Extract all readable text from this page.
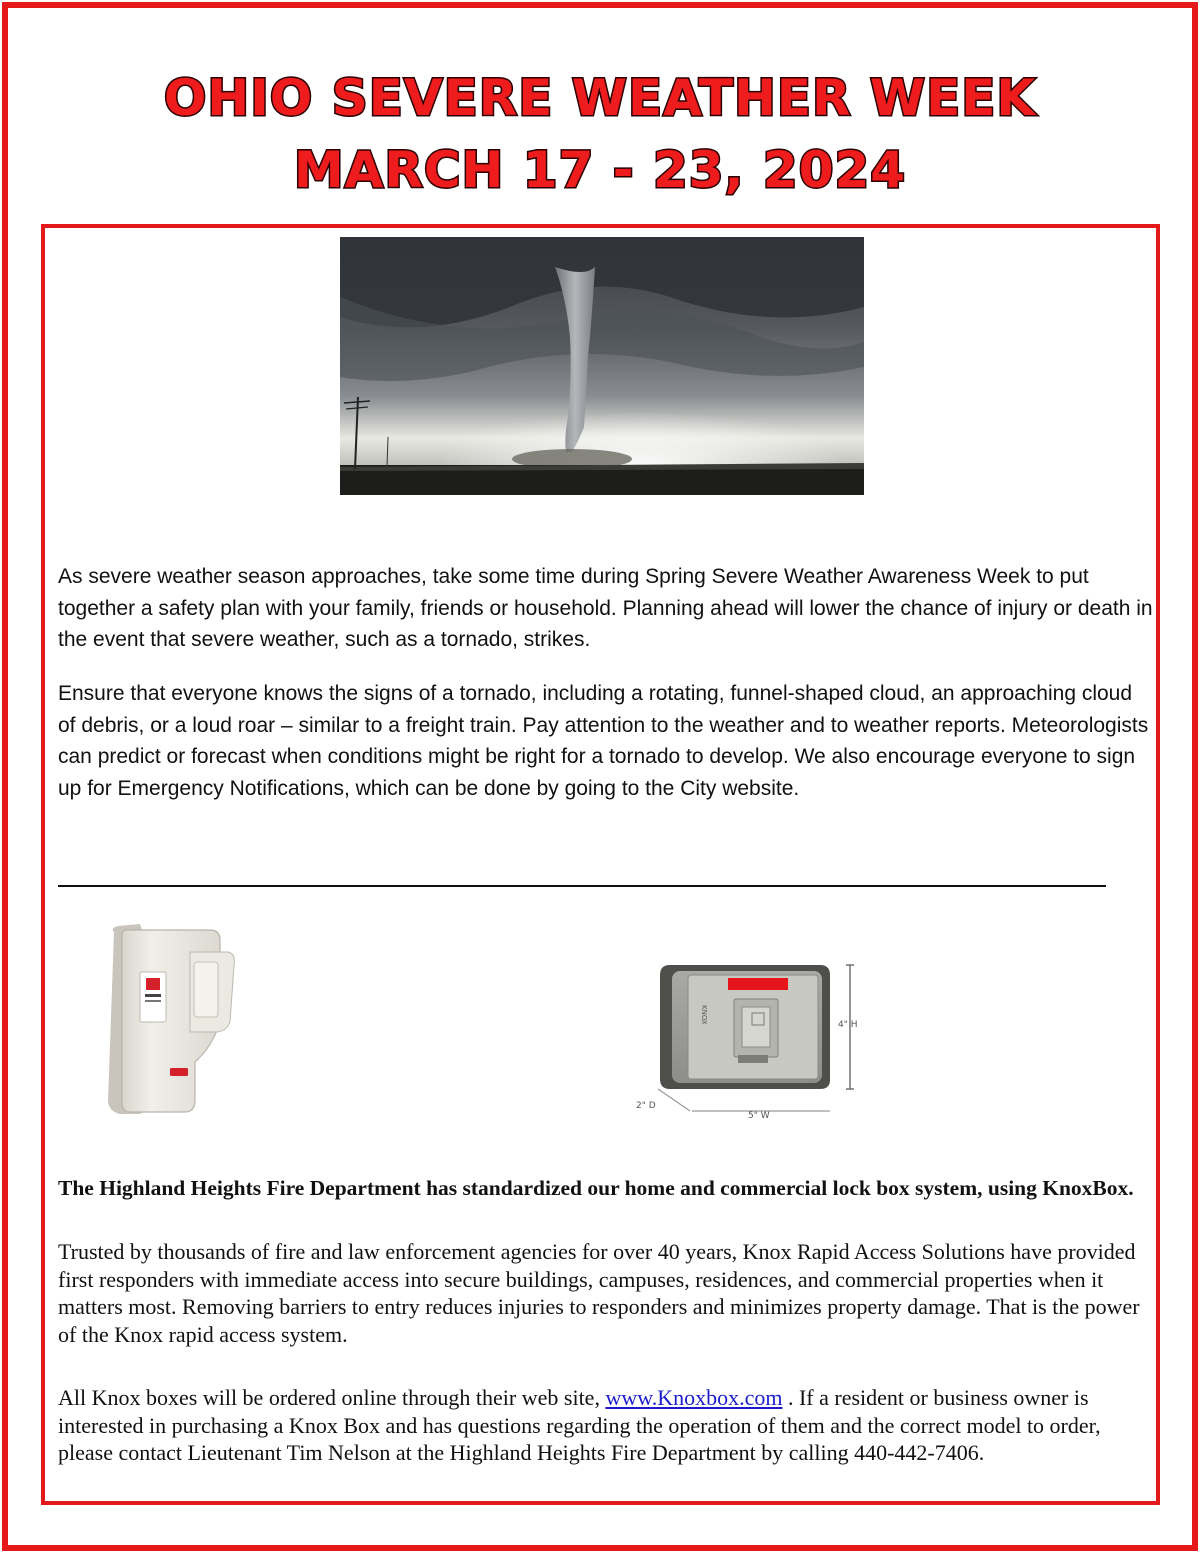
OHIO SEVERE WEATHER WEEK
MARCH 17 - 23, 2024

As severe weather season approaches, take some time during Spring Severe Weather Awareness Week to put together a safety plan with your family, friends or household. Planning ahead will lower the chance of injury or death in the event that severe weather, such as a tornado, strikes.

Ensure that everyone knows the signs of a tornado, including a rotating, funnel-shaped cloud, an approaching cloud of debris, or a loud roar – similar to a freight train. Pay attention to the weather and to weather reports. Meteorologists can predict or forecast when conditions might be right for a tornado to develop. We also encourage everyone to sign up for Emergency Notifications, which can be done by going to the City website.

KNOX
4" H
5" W
2" D

The Highland Heights Fire Department has standardized our home and commercial lock box system, using KnoxBox.

Trusted by thousands of fire and law enforcement agencies for over 40 years, Knox Rapid Access Solutions have provided first responders with immediate access into secure buildings, campuses, residences, and commercial properties when it matters most. Removing barriers to entry reduces injuries to responders and minimizes property damage. That is the power of the Knox rapid access system.

All Knox boxes will be ordered online through their web site, www.Knoxbox.com . If a resident or business owner is interested in purchasing a Knox Box and has questions regarding the operation of them and the correct model to order, please contact Lieutenant Tim Nelson at the Highland Heights Fire Department by calling 440-442-7406.
